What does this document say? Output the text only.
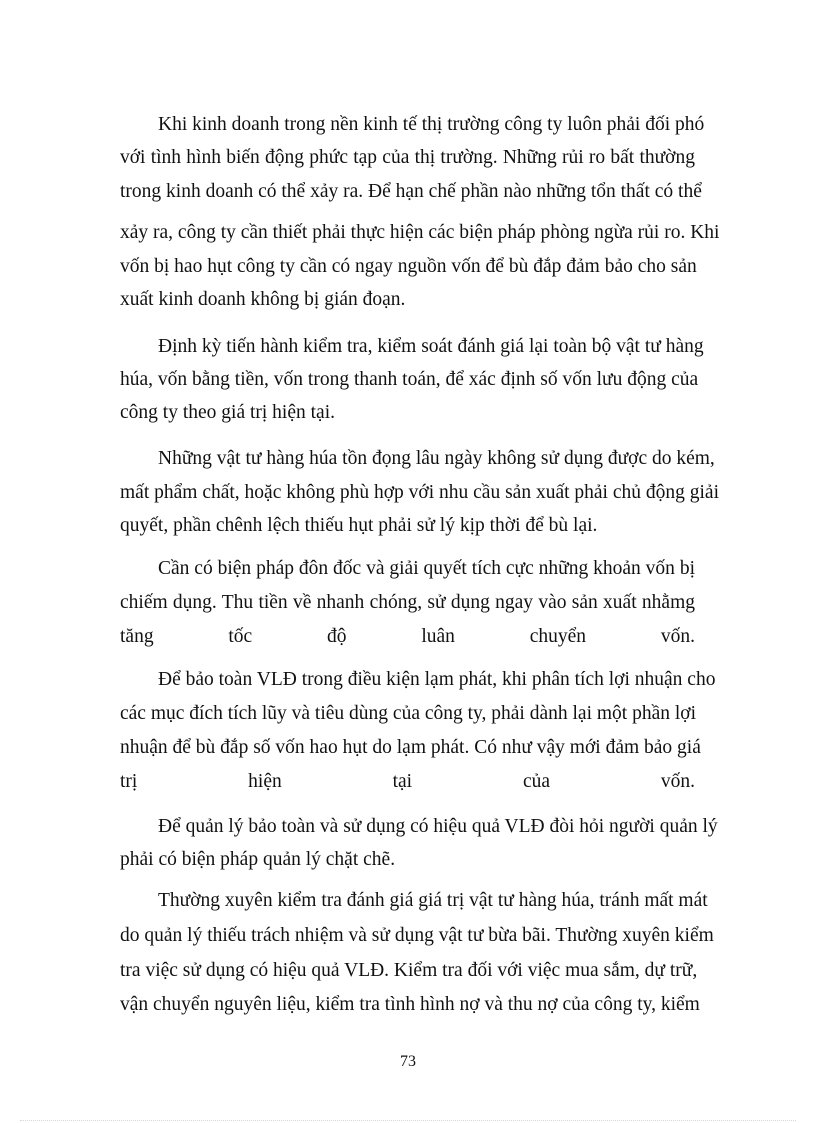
Khi kinh doanh trong nền kinh tế thị trường công ty luôn phải đối phó
với tình hình biến động phức tạp của thị trường. Những rủi ro bất thường
trong kinh doanh có thể xảy ra. Để hạn chế phần nào những tổn thất có thể
xảy ra, công ty cần thiết phải thực hiện các biện pháp phòng ngừa rủi ro. Khi
vốn bị hao hụt công ty cần có ngay nguồn vốn để bù đắp đảm bảo cho sản
xuất kinh doanh không bị gián đoạn.
Định kỳ tiến hành kiểm tra, kiểm soát đánh giá lại toàn bộ vật tư hàng
húa, vốn bằng tiền, vốn trong thanh toán, để xác định số vốn lưu động của
công ty theo giá trị hiện tại.
Những vật tư hàng húa tồn đọng lâu ngày không sử dụng được do kém,
mất phẩm chất, hoặc không phù hợp với nhu cầu sản xuất phải chủ động giải
quyết, phần chênh lệch thiếu hụt phải sử lý kịp thời để bù lại.
Cần có biện pháp đôn đốc và giải quyết tích cực những khoản vốn bị
chiếm dụng. Thu tiền về nhanh chóng, sử dụng ngay vào sản xuất nhằmg
tăng tốc độ luân chuyển vốn.
Để bảo toàn VLĐ trong điều kiện lạm phát, khi phân tích lợi nhuận cho
các mục đích tích lũy và tiêu dùng của công ty, phải dành lại một phần lợi
nhuận để bù đắp số vốn hao hụt do lạm phát. Có như vậy mới đảm bảo giá
trị hiện tại của vốn.
Để quản lý bảo toàn và sử dụng có hiệu quả VLĐ đòi hỏi người quản lý
phải có biện pháp quản lý chặt chẽ.
Thường xuyên kiểm tra đánh giá giá trị vật tư hàng húa, tránh mất mát
do quản lý thiếu trách nhiệm và sử dụng vật tư bừa bãi. Thường xuyên kiểm
tra việc sử dụng có hiệu quả VLĐ. Kiểm tra đối với việc mua sắm, dự trữ,
vận chuyển nguyên liệu, kiểm tra tình hình nợ và thu nợ của công ty, kiểm
73
